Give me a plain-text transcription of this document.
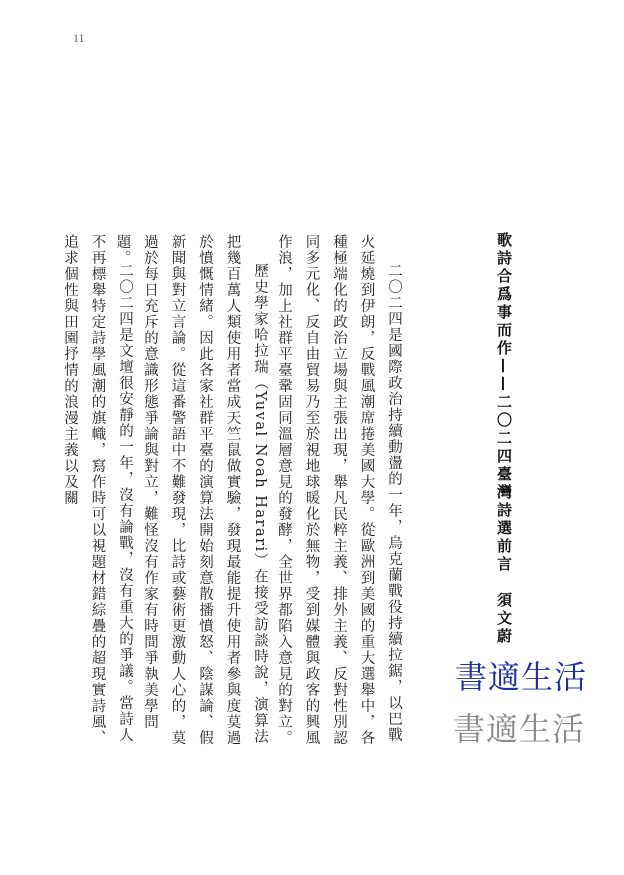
11
歌詩合爲事而作——二〇二四臺灣詩選前言　須文蔚

二〇二四是國際政治持續動盪的一年，烏克蘭戰役持續拉鋸，以巴戰火延燒到伊朗，反戰風潮席捲美國大學。從歐洲到美國的重大選舉中，各種極端化的政治立場與主張出現，舉凡民粹主義、排外主義、反對性別認同多元化、反自由貿易乃至於視地球暖化於無物，受到媒體與政客的興風作浪，加上社群平臺鞏固同溫層意見的發酵，全世界都陷入意見的對立。

歷史學家哈拉瑞（Yuval Noah Harari）在接受訪談時說，演算法把幾百萬人類使用者當成天竺鼠做實驗，發現最能提升使用者參與度莫過於憤慨情緒。因此各家社群平臺的演算法開始刻意散播憤怒、陰謀論、假新聞與對立言論。從這番警語中不難發現，比詩或藝術更激動人心的，莫過於每日充斥的意識形態爭論與對立，難怪沒有作家有時間爭執美學問題。

二〇二四是文壇很安靜的一年，沒有論戰，沒有重大的爭議。當詩人不再標舉特定詩學風潮的旗幟，寫作時可以視題材錯綜疊的超現實詩風、追求個性與田園抒情的浪漫主義以及關

書適生活
書適生活
